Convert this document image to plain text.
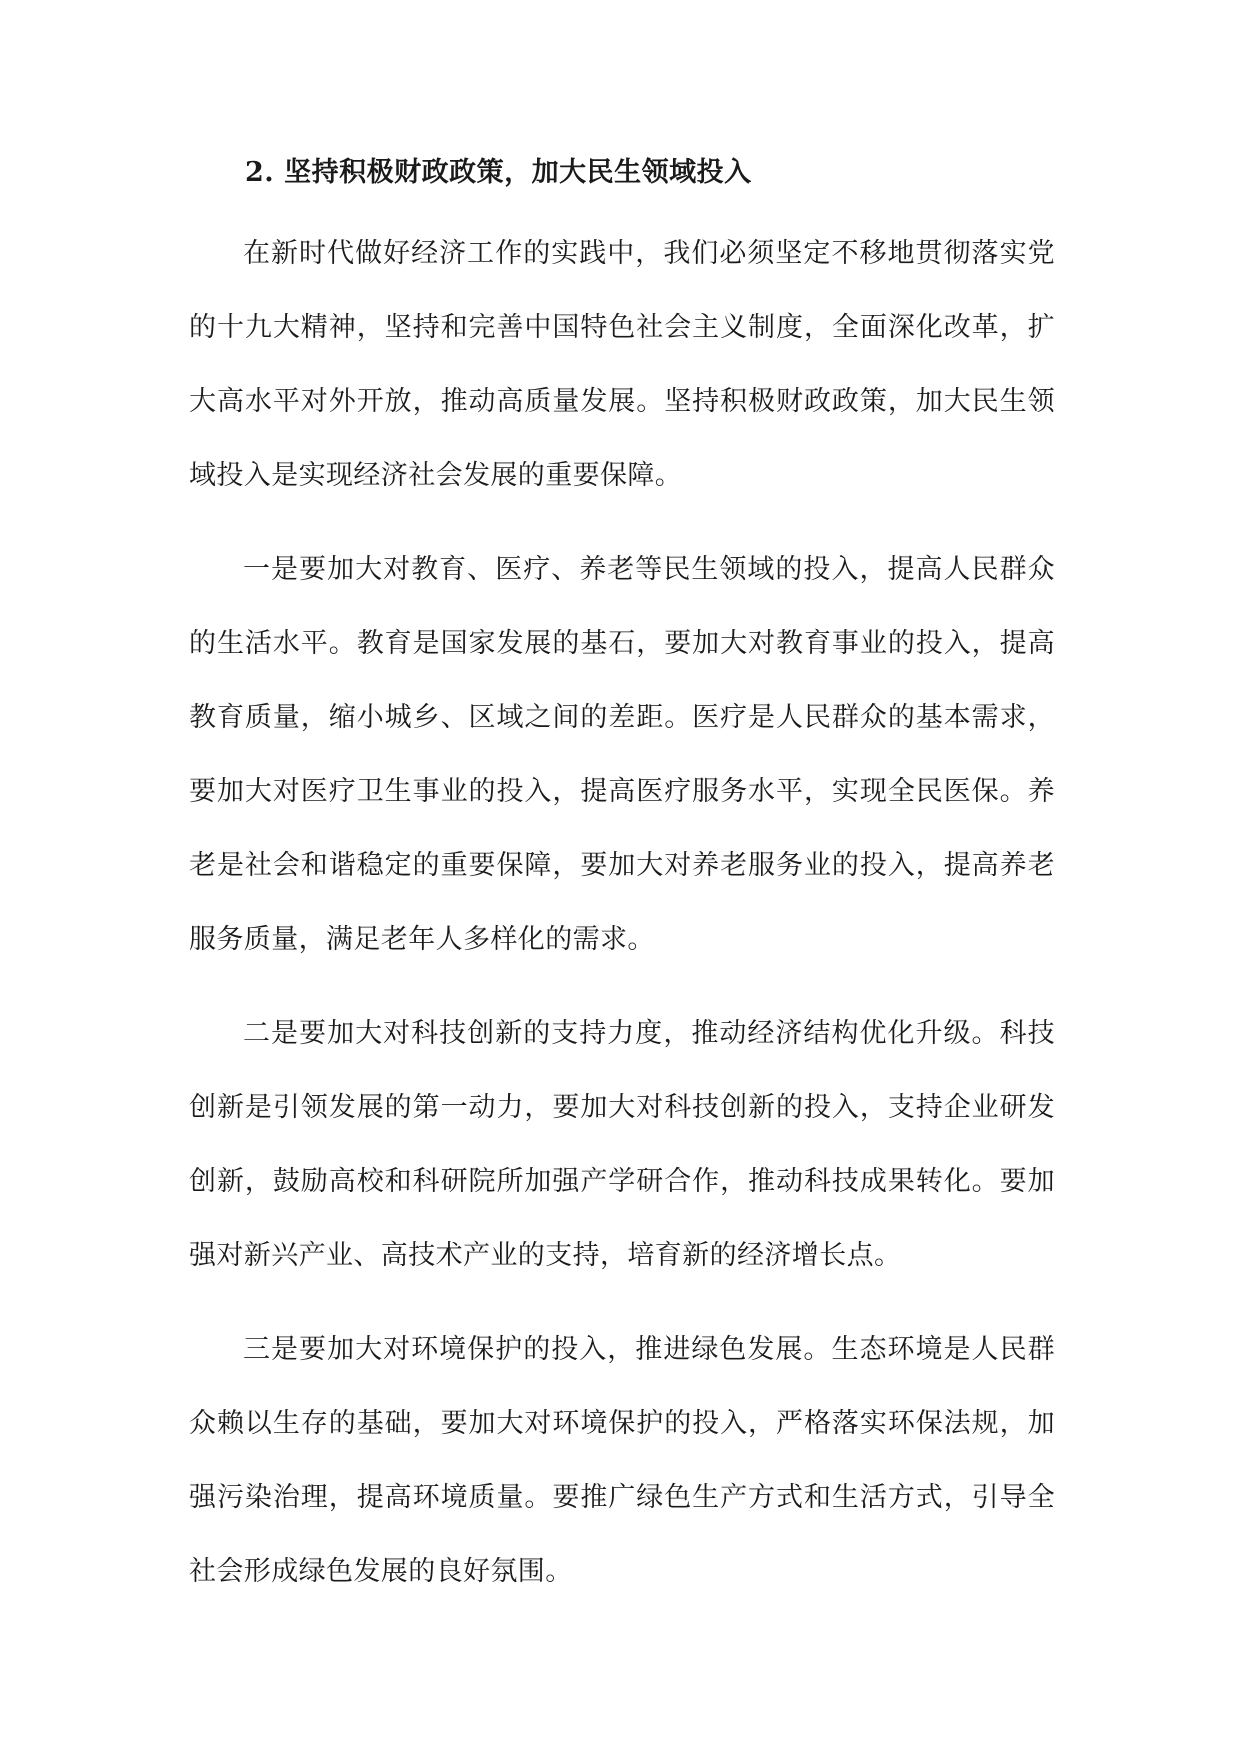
2. 坚持积极财政政策，加大民生领域投入

在新时代做好经济工作的实践中，我们必须坚定不移地贯彻落实党的十九大精神，坚持和完善中国特色社会主义制度，全面深化改革，扩大高水平对外开放，推动高质量发展。坚持积极财政政策，加大民生领域投入是实现经济社会发展的重要保障。

一是要加大对教育、医疗、养老等民生领域的投入，提高人民群众的生活水平。教育是国家发展的基石，要加大对教育事业的投入，提高教育质量，缩小城乡、区域之间的差距。医疗是人民群众的基本需求，要加大对医疗卫生事业的投入，提高医疗服务水平，实现全民医保。养老是社会和谐稳定的重要保障，要加大对养老服务业的投入，提高养老服务质量，满足老年人多样化的需求。

二是要加大对科技创新的支持力度，推动经济结构优化升级。科技创新是引领发展的第一动力，要加大对科技创新的投入，支持企业研发创新，鼓励高校和科研院所加强产学研合作，推动科技成果转化。要加强对新兴产业、高技术产业的支持，培育新的经济增长点。

三是要加大对环境保护的投入，推进绿色发展。生态环境是人民群众赖以生存的基础，要加大对环境保护的投入，严格落实环保法规，加强污染治理，提高环境质量。要推广绿色生产方式和生活方式，引导全社会形成绿色发展的良好氛围。
